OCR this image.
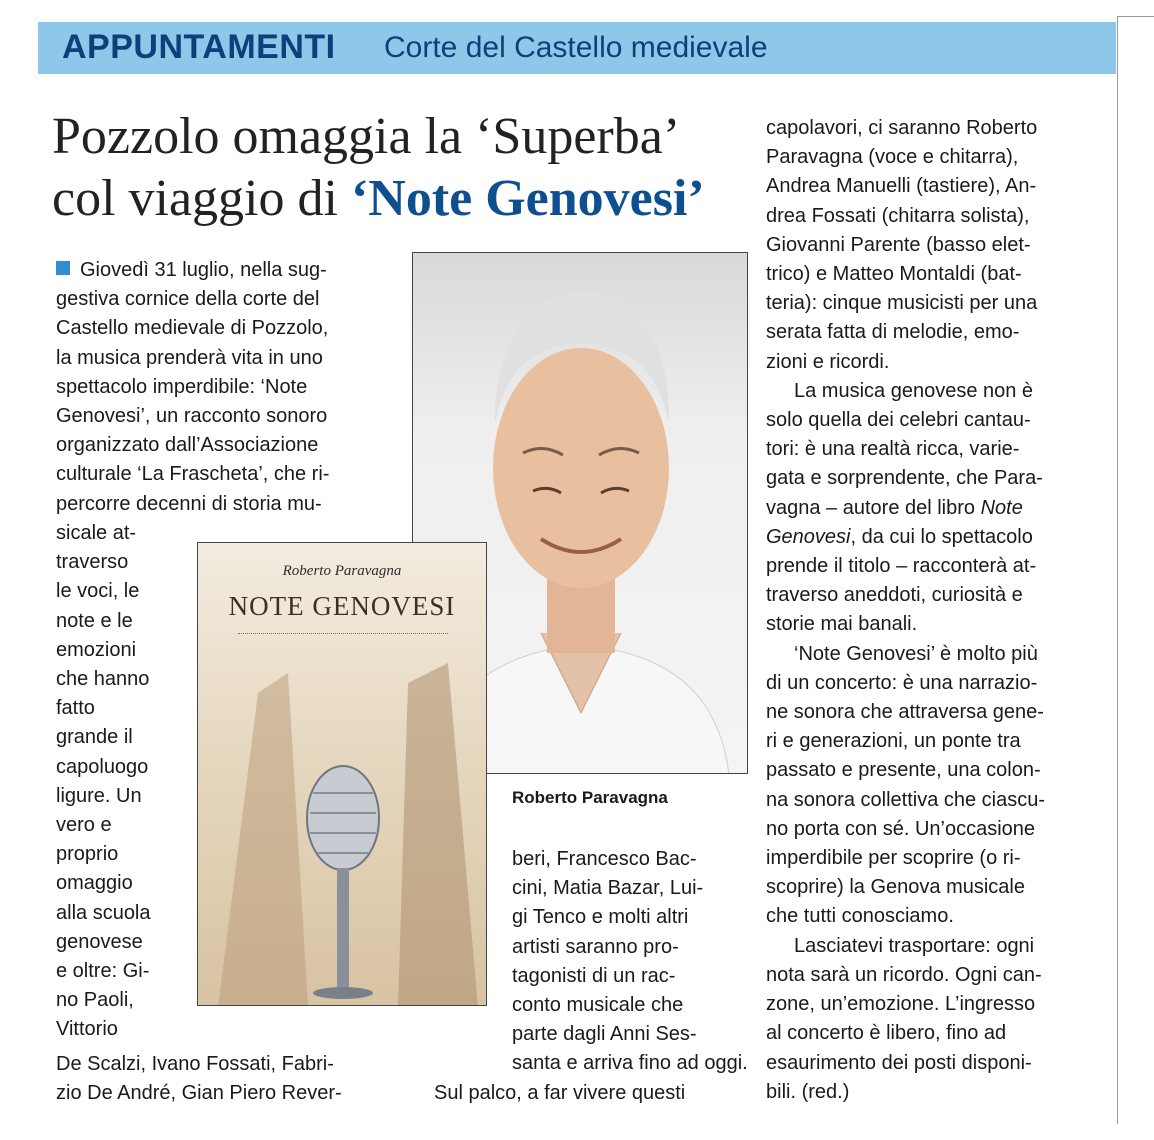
APPUNTAMENTI Corte del Castello medievale
Pozzolo omaggia la ‘Superba’
col viaggio di ‘Note Genovesi’
Giovedì 31 luglio, nella sug-
gestiva cornice della corte del
Castello medievale di Pozzolo,
la musica prenderà vita in uno
spettacolo imperdibile: ‘Note
Genovesi’, un racconto sonoro
organizzato dall’Associazione
culturale ‘La Frascheta’, che ri-
percorre decenni di storia mu-
sicale at-
traverso
le voci, le
note e le
emozioni
che hanno
fatto
grande il
capoluogo
ligure. Un
vero e
proprio
omaggio
alla scuola
genovese
e oltre: Gi-
no Paoli,
Vittorio
De Scalzi, Ivano Fossati, Fabri-
zio De André, Gian Piero Rever-
beri, Francesco Bac-
cini, Matia Bazar, Lui-
gi Tenco e molti altri
artisti saranno pro-
tagonisti di un rac-
conto musicale che
parte dagli Anni Ses-
santa e arriva fino ad oggi.
Sul palco, a far vivere questi
capolavori, ci saranno Roberto
Paravagna (voce e chitarra),
Andrea Manuelli (tastiere), An-
drea Fossati (chitarra solista),
Giovanni Parente (basso elet-
trico) e Matteo Montaldi (bat-
teria): cinque musicisti per una
serata fatta di melodie, emo-
zioni e ricordi.
La musica genovese non è
solo quella dei celebri cantau-
tori: è una realtà ricca, varie-
gata e sorprendente, che Para-
vagna – autore del libro Note
Genovesi, da cui lo spettacolo
prende il titolo – racconterà at-
traverso aneddoti, curiosità e
storie mai banali.
‘Note Genovesi’ è molto più
di un concerto: è una narrazio-
ne sonora che attraversa gene-
ri e generazioni, un ponte tra
passato e presente, una colon-
na sonora collettiva che ciascu-
no porta con sé. Un’occasione
imperdibile per scoprire (o ri-
scoprire) la Genova musicale
che tutti conosciamo.
Lasciatevi trasportare: ogni
nota sarà un ricordo. Ogni can-
zone, un’emozione. L’ingresso
al concerto è libero, fino ad
esaurimento dei posti disponi-
bili. (red.)
Roberto Paravagna
Roberto Paravagna
NOTE GENOVESI
